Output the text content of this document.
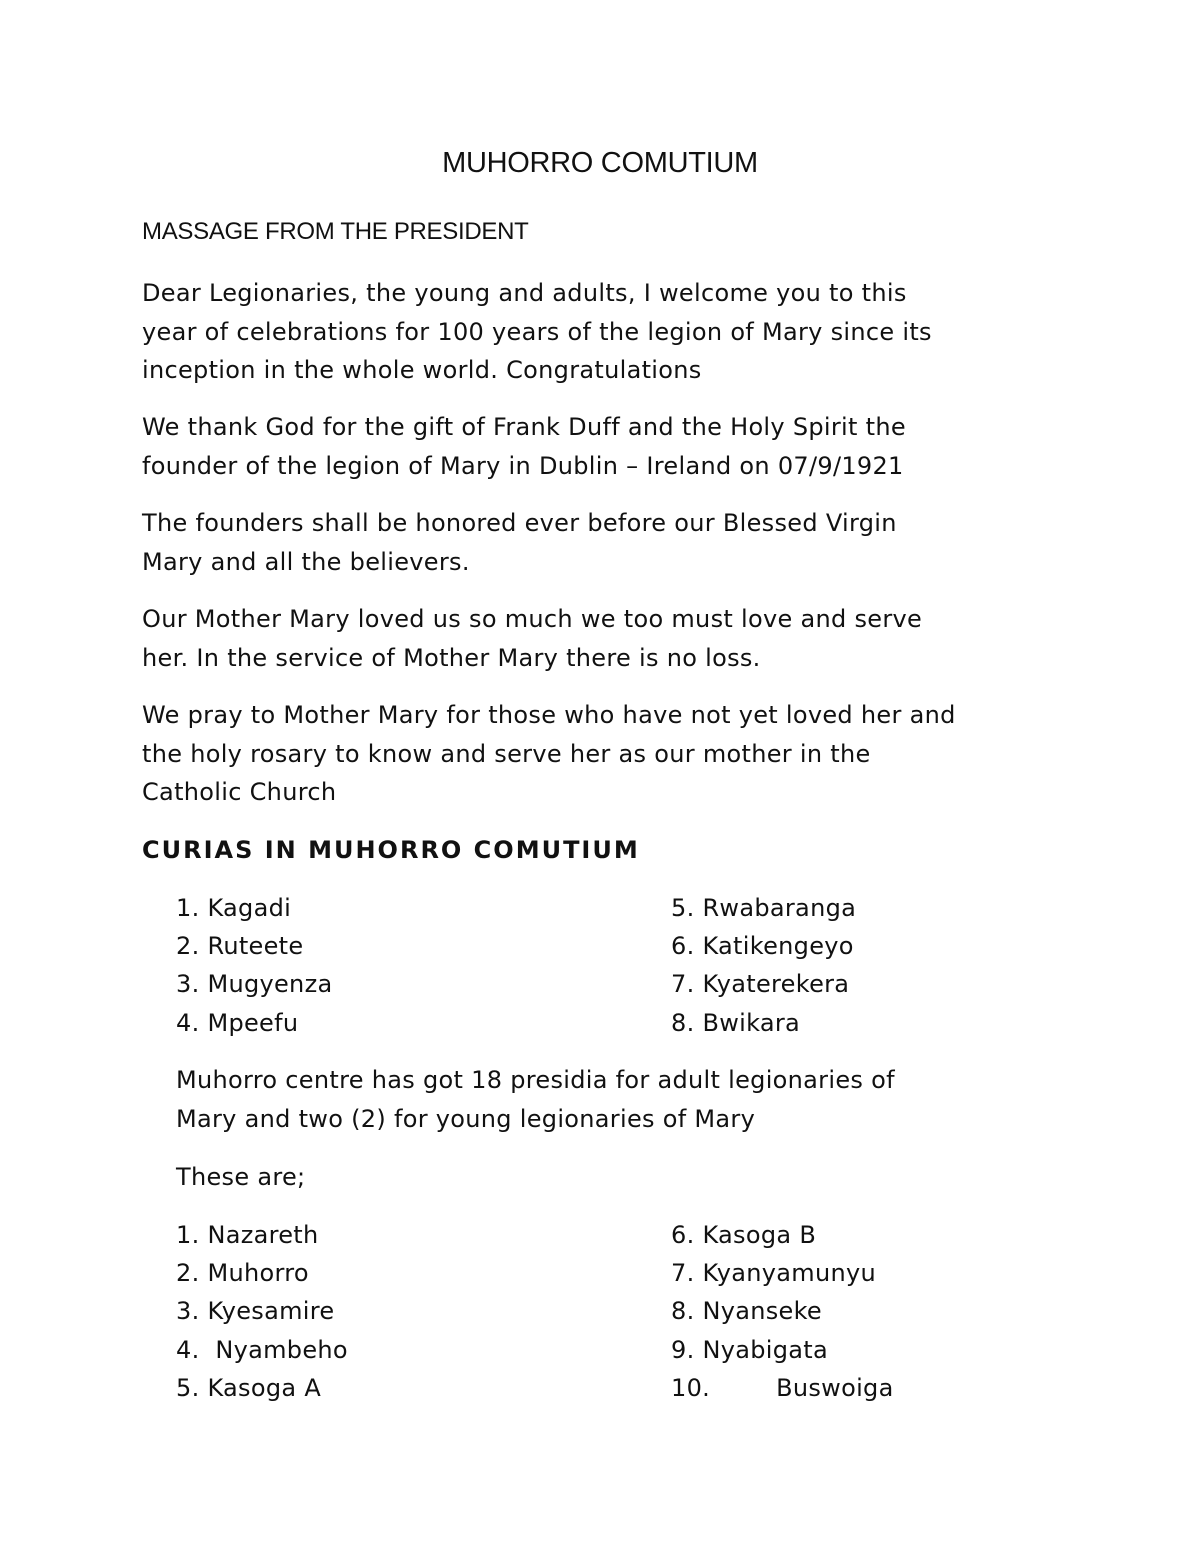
MUHORRO COMUTIUM
MASSAGE FROM THE PRESIDENT

Dear Legionaries, the young and adults, I welcome you to this
year of celebrations for 100 years of the legion of Mary since its
inception in the whole world. Congratulations

We thank God for the gift of Frank Duff and the Holy Spirit the
founder of the legion of Mary in Dublin – Ireland on 07/9/1921

The founders shall be honored ever before our Blessed Virgin
Mary and all the believers.

Our Mother Mary loved us so much we too must love and serve
her. In the service of Mother Mary there is no loss.

We pray to Mother Mary for those who have not yet loved her and
the holy rosary to know and serve her as our mother in the
Catholic Church

CURIAS IN MUHORRO COMUTIUM
1. Kagadi
2. Ruteete
3. Mugyenza
4. Mpeefu
5. Rwabaranga
6. Katikengeyo
7. Kyaterekera
8. Bwikara

Muhorro centre has got 18 presidia for adult legionaries of
Mary and two (2) for young legionaries of Mary

These are;

1. Nazareth
2. Muhorro
3. Kyesamire
4.  Nyambeho
5. Kasoga A
6. Kasoga B
7. Kyanyamunyu
8. Nyanseke
9. Nyabigata
10.	Buswoiga
